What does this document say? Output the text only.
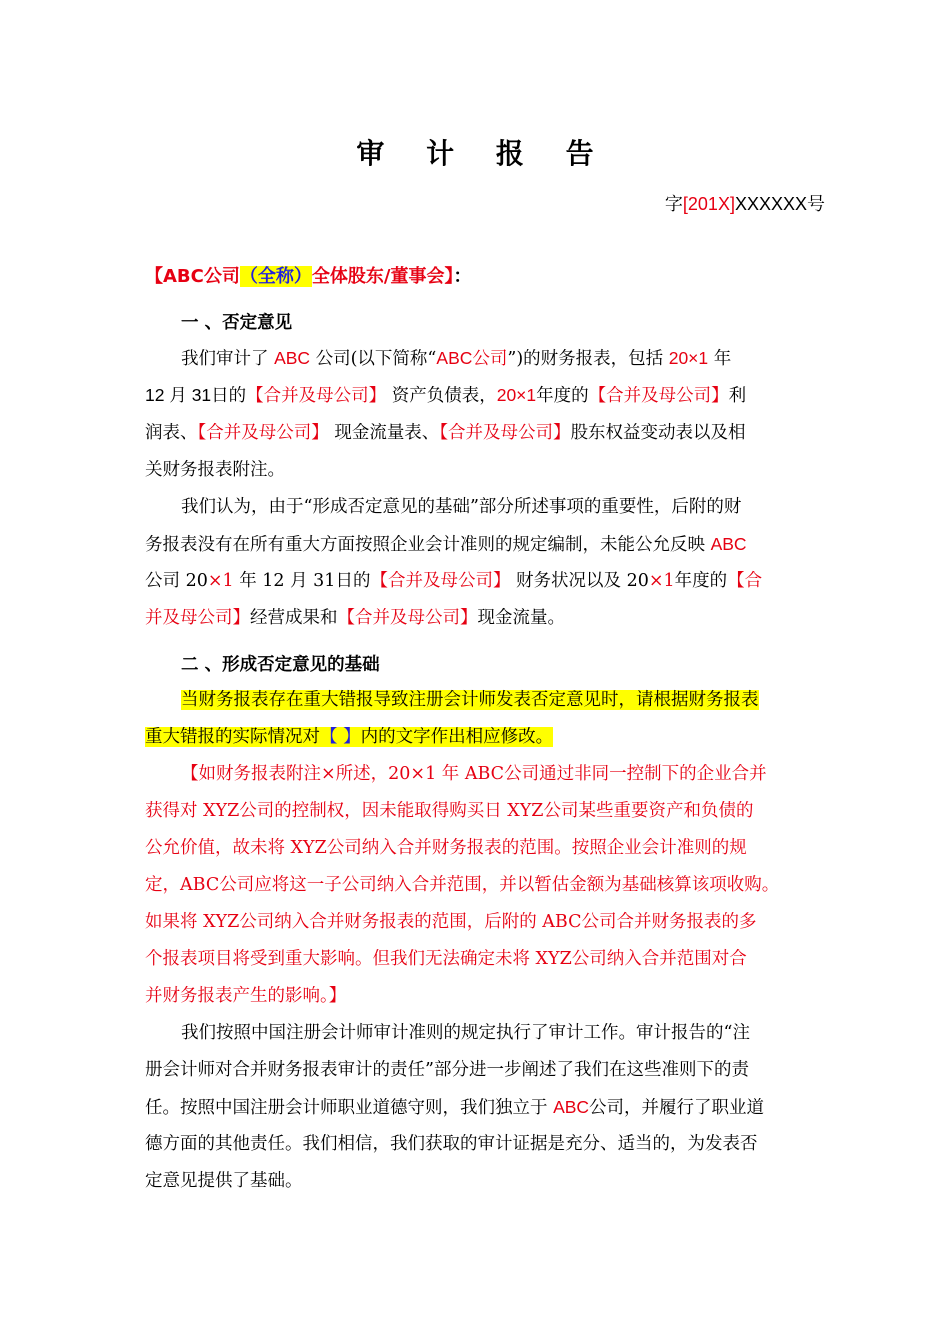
审 计 报 告
字[201X]XXXXXX号
【ABC公司（全称）全体股东/董事会】：
一 、否定意见
我们审计了 ABC 公司(以下简称“ABC公司”)的财务报表，包括 20×1 年
12 月 31日的【合并及母公司】 资产负债表，20×1年度的【合并及母公司】利
润表、【合并及母公司】 现金流量表、【合并及母公司】股东权益变动表以及相
关财务报表附注。
我们认为，由于“形成否定意见的基础”部分所述事项的重要性，后附的财
务报表没有在所有重大方面按照企业会计准则的规定编制，未能公允反映 ABC
公司 20×1 年 12 月 31日的【合并及母公司】 财务状况以及 20×1年度的【合
并及母公司】经营成果和【合并及母公司】现金流量。
二 、形成否定意见的基础
当财务报表存在重大错报导致注册会计师发表否定意见时，请根据财务报表
重大错报的实际情况对【 】内的文字作出相应修改。
【如财务报表附注×所述，20×1 年 ABC公司通过非同一控制下的企业合并
获得对 XYZ公司的控制权，因未能取得购买日 XYZ公司某些重要资产和负债的
公允价值，故未将 XYZ公司纳入合并财务报表的范围。按照企业会计准则的规
定，ABC公司应将这一子公司纳入合并范围，并以暂估金额为基础核算该项收购。
如果将 XYZ公司纳入合并财务报表的范围，后附的 ABC公司合并财务报表的多
个报表项目将受到重大影响。但我们无法确定未将 XYZ公司纳入合并范围对合
并财务报表产生的影响。】
我们按照中国注册会计师审计准则的规定执行了审计工作。审计报告的“注
册会计师对合并财务报表审计的责任”部分进一步阐述了我们在这些准则下的责
任。按照中国注册会计师职业道德守则，我们独立于 ABC公司，并履行了职业道
德方面的其他责任。我们相信，我们获取的审计证据是充分、适当的，为发表否
定意见提供了基础。
